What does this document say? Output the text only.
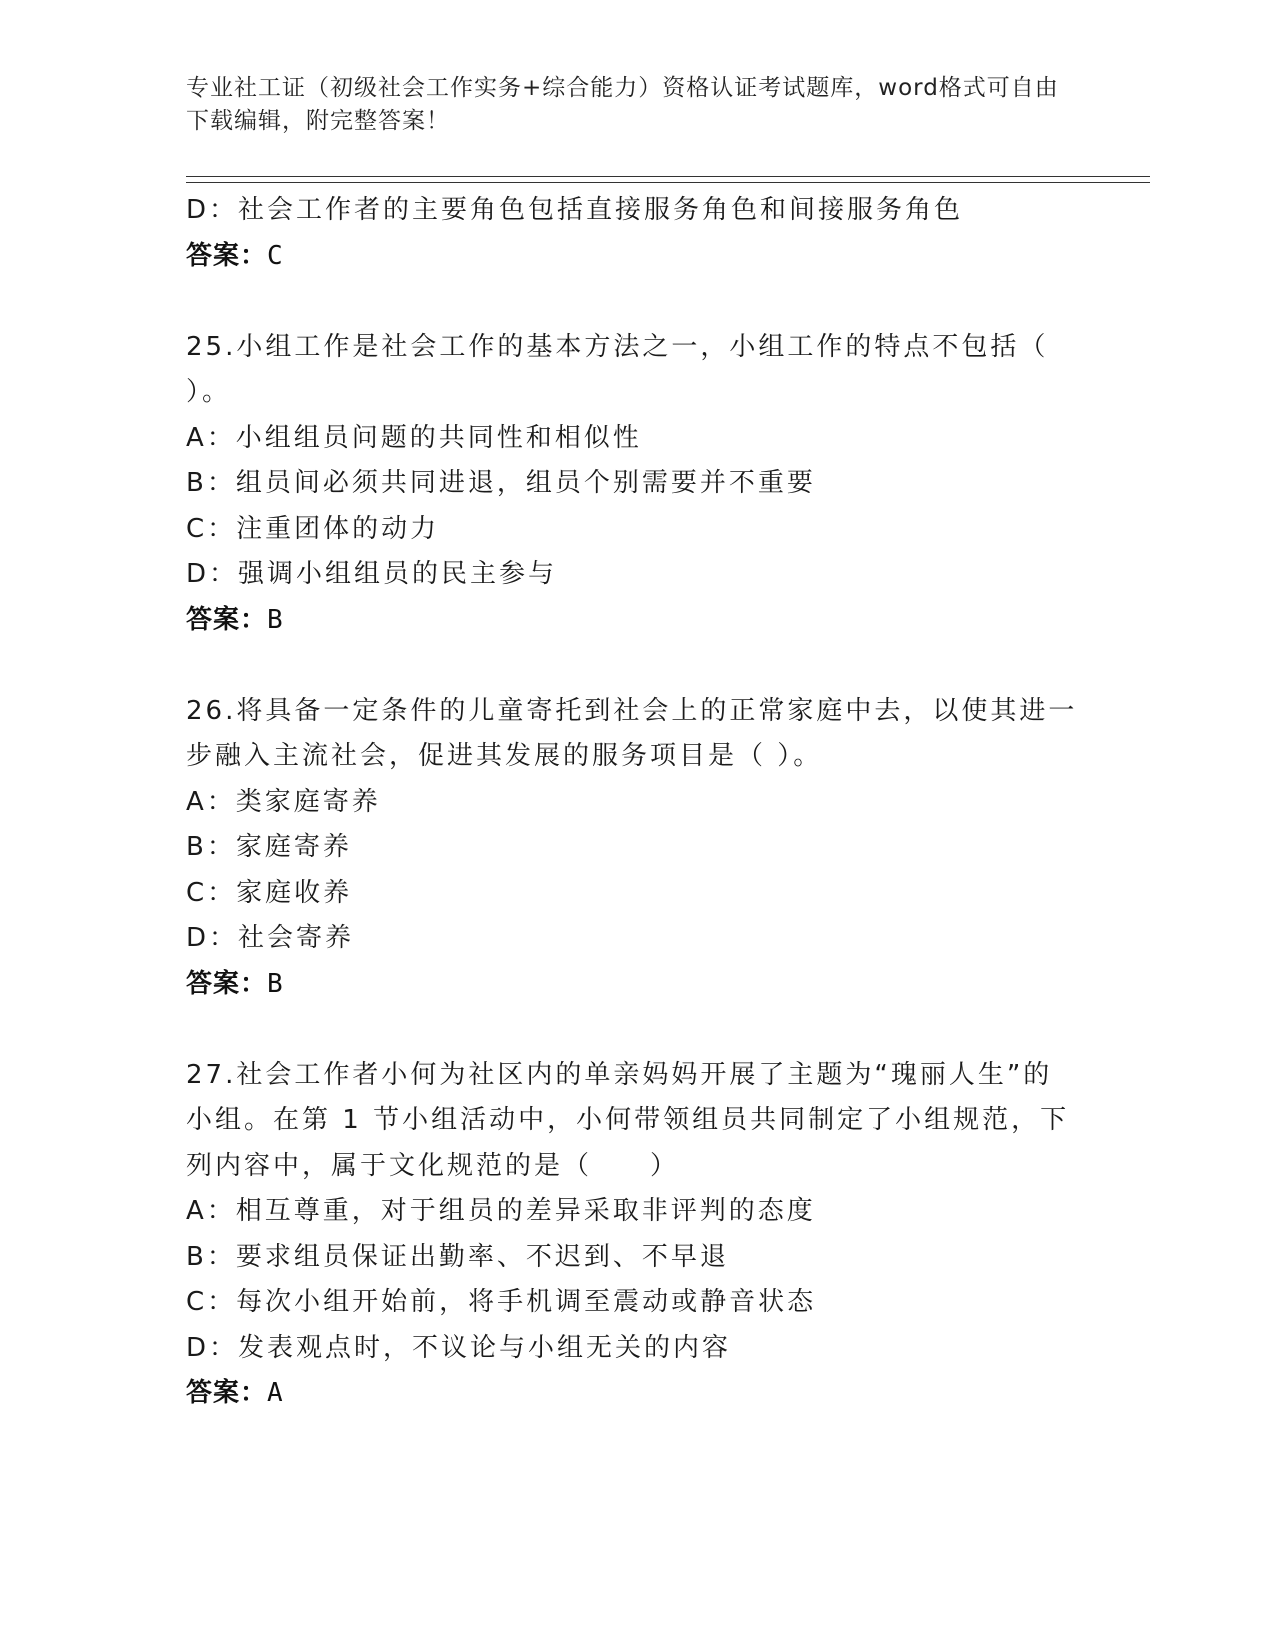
专业社工证（初级社会工作实务+综合能力）资格认证考试题库，word格式可自由
下载编辑，附完整答案！
D：社会工作者的主要角色包括直接服务角色和间接服务角色
答案：C
25.小组工作是社会工作的基本方法之一，小组工作的特点不包括（
）。
A：小组组员问题的共同性和相似性
B：组员间必须共同进退，组员个别需要并不重要
C：注重团体的动力
D：强调小组组员的民主参与
答案：B
26.将具备一定条件的儿童寄托到社会上的正常家庭中去，以使其进一
步融入主流社会，促进其发展的服务项目是（ ）。
A：类家庭寄养
B：家庭寄养
C：家庭收养
D：社会寄养
答案：B
27.社会工作者小何为社区内的单亲妈妈开展了主题为“瑰丽人生”的
小组。在第 1 节小组活动中，小何带领组员共同制定了小组规范，下
列内容中，属于文化规范的是（　　）
A：相互尊重，对于组员的差异采取非评判的态度
B：要求组员保证出勤率、不迟到、不早退
C：每次小组开始前，将手机调至震动或静音状态
D：发表观点时，不议论与小组无关的内容
答案：A
